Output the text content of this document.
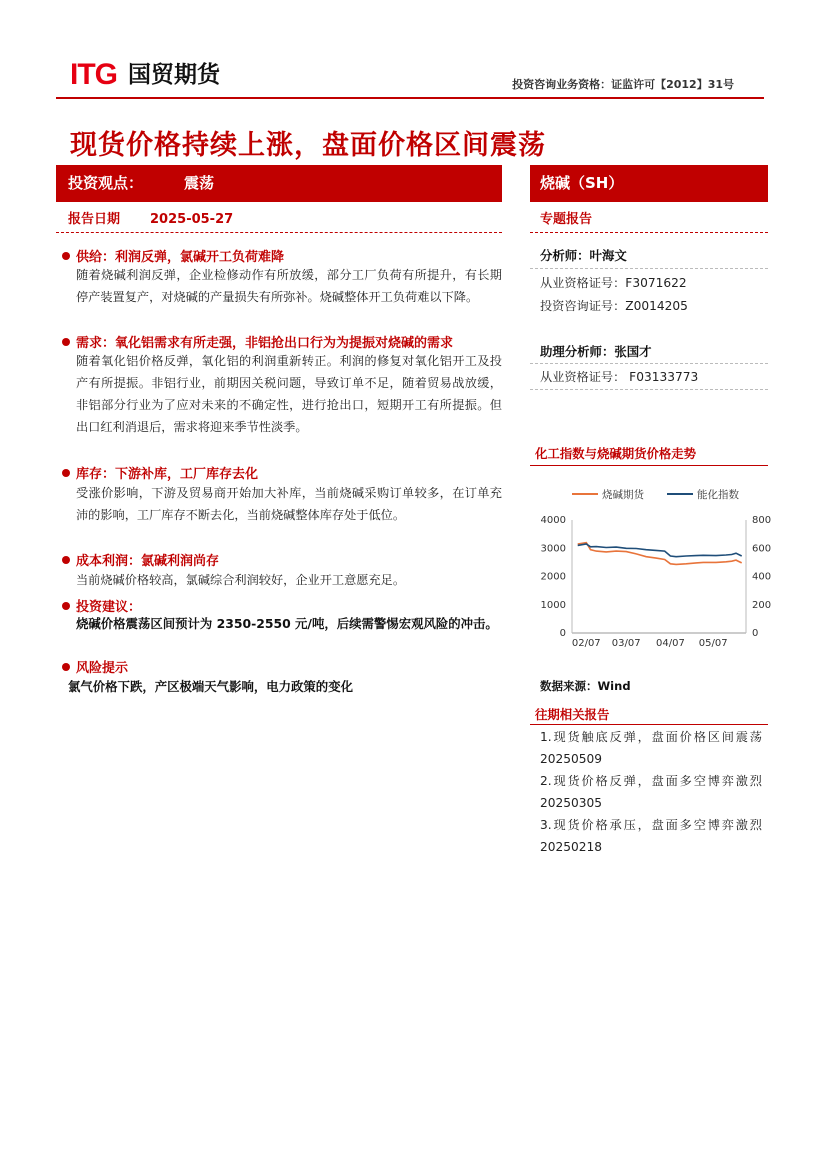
ITG 国贸期货	投资咨询业务资格：证监许可【2012】31号
现货价格持续上涨，盘面价格区间震荡
投资观点：	震荡	烧碱（SH）
报告日期 2025-05-27	专题报告
供给：利润反弹，氯碱开工负荷难降
随着烧碱利润反弹，企业检修动作有所放缓，部分工厂负荷有所提升，有长期停产装置复产，对烧碱的产量损失有所弥补。烧碱整体开工负荷难以下降。
需求：氧化铝需求有所走强，非铝抢出口行为为提振对烧碱的需求
随着氧化铝价格反弹，氧化铝的利润重新转正。利润的修复对氧化铝开工及投产有所提振。非铝行业，前期因关税问题，导致订单不足，随着贸易战放缓，非铝部分行业为了应对未来的不确定性，进行抢出口，短期开工有所提振。但出口红利消退后，需求将迎来季节性淡季。
库存：下游补库，工厂库存去化
受涨价影响，下游及贸易商开始加大补库，当前烧碱采购订单较多，在订单充沛的影响，工厂库存不断去化，当前烧碱整体库存处于低位。
成本利润：氯碱利润尚存
当前烧碱价格较高，氯碱综合利润较好，企业开工意愿充足。
投资建议：
烧碱价格震荡区间预计为 2350-2550 元/吨，后续需警惕宏观风险的冲击。
风险提示
氯气价格下跌，产区极端天气影响，电力政策的变化
分析师：叶海文
从业资格证号：F3071622
投资咨询证号：Z0014205
助理分析师：张国才
从业资格证号： F03133773
化工指数与烧碱期货价格走势
0
1000
2000
3000
4000
0
200
400
600
800
02/07 03/07 04/07 05/07
烧碱期货	能化指数
数据来源：Wind
往期相关报告
1.现货触底反弹，盘面价格区间震荡 20250509
2.现货价格反弹，盘面多空博弈激烈 20250305
3.现货价格承压，盘面多空博弈激烈 20250218
